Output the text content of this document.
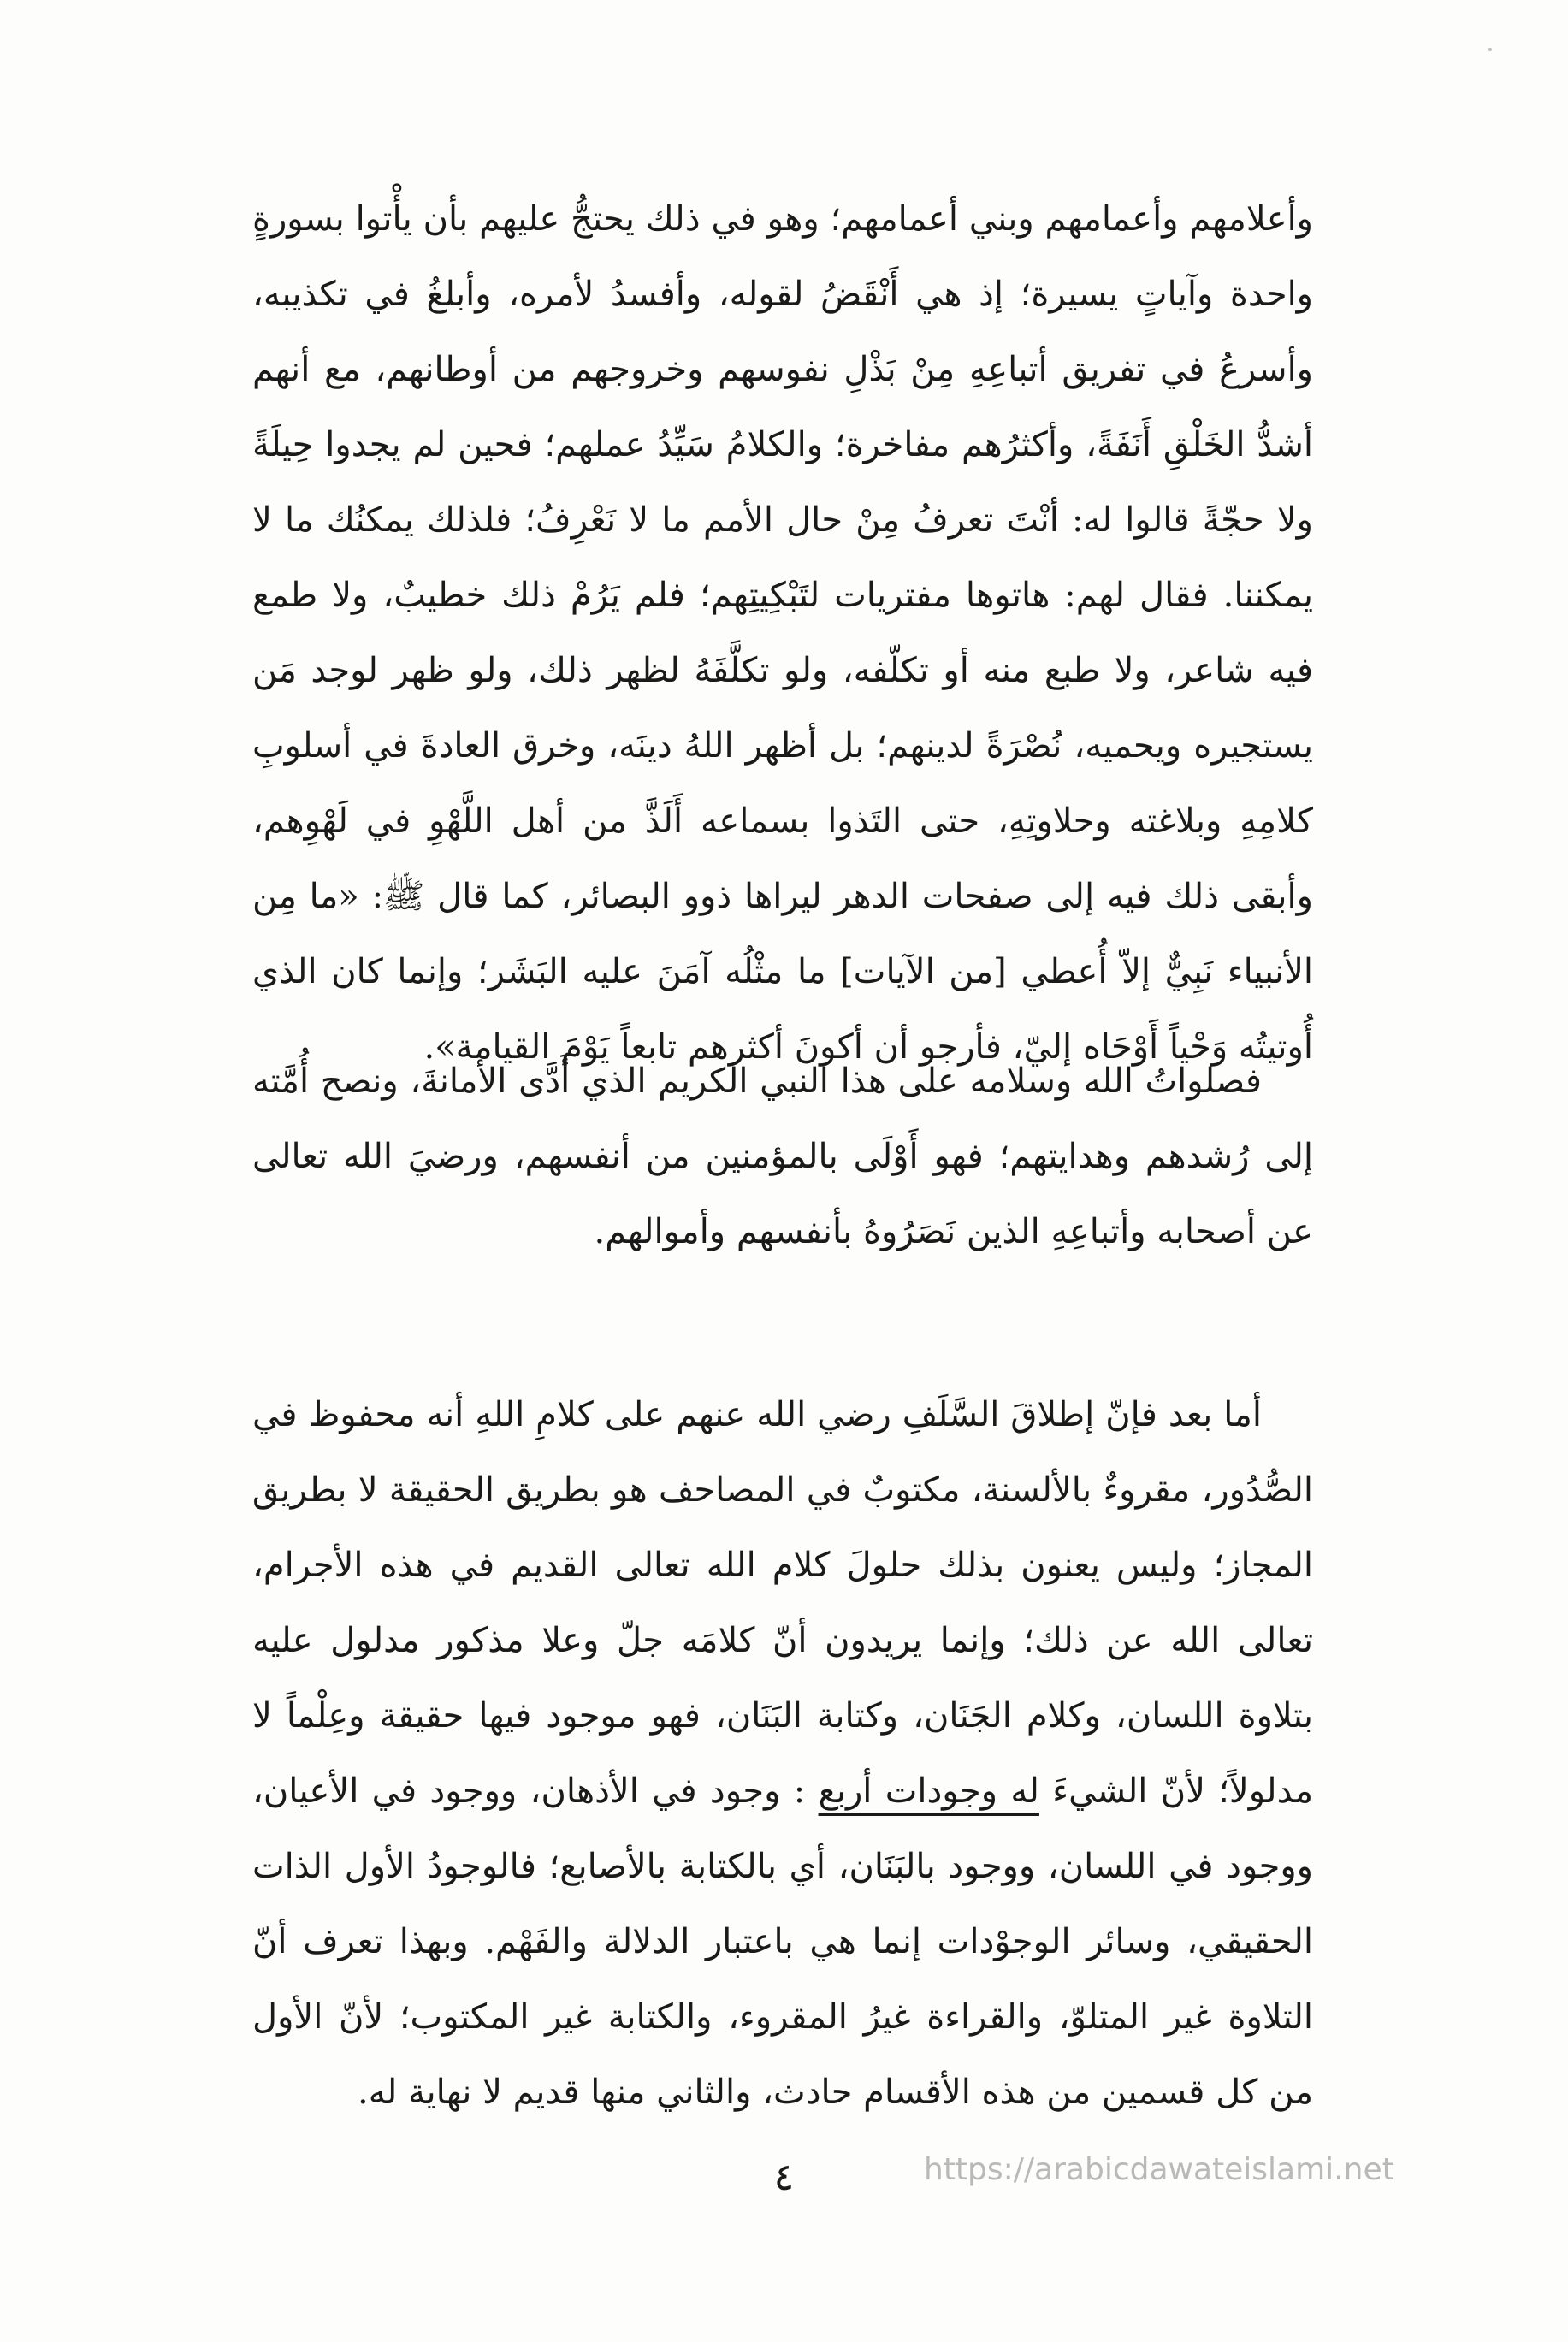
وأعلامهم وأعمامهم وبني أعمامهم؛ وهو في ذلك يحتجُّ عليهم بأن يأْتوا بسورةٍ واحدة وآياتٍ يسيرة؛ إذ هي أَنْقَضُ لقوله، وأفسدُ لأمره، وأبلغُ في تكذيبه، وأسرعُ في تفريق أتباعِهِ مِنْ بَذْلِ نفوسهم وخروجهم من أوطانهم، مع أنهم أشدُّ الخَلْقِ أَنَفَةً، وأكثرُهم مفاخرة؛ والكلامُ سَيِّدُ عملهم؛ فحين لم يجدوا حِيلَةً ولا حجّةً قالوا له: أنْتَ تعرفُ مِنْ حال الأمم ما لا نَعْرِفُ؛ فلذلك يمكنُك ما لا يمكننا. فقال لهم: هاتوها مفتريات لتَبْكِيتِهم؛ فلم يَرُمْ ذلك خطيبٌ، ولا طمع فيه شاعر، ولا طبع منه أو تكلّفه، ولو تكلَّفَهُ لظهر ذلك، ولو ظهر لوجد مَن يستجيره ويحميه، نُصْرَةً لدينهم؛ بل أظهر اللهُ دينَه، وخرق العادةَ في أسلوبِ كلامِهِ وبلاغته وحلاوتِهِ، حتى التَذوا بسماعه أَلَذَّ من أهل اللَّهْوِ في لَهْوِهم، وأبقى ذلك فيه إلى صفحات الدهر ليراها ذوو البصائر، كما قال ﷺ: «ما مِن الأنبياء نَبِيٌّ إلاّ أُعطي [من الآيات] ما مثْلُه آمَنَ عليه البَشَر؛ وإنما كان الذي أُوتيتُه وَحْياً أَوْحَاه إليّ، فأرجو أن أكونَ أكثرهم تابعاً يَوْمَ القيامة».

فصلواتُ الله وسلامه على هذا النبي الكريم الذي أَدَّى الأمانةَ، ونصح أُمَّته إلى رُشدهم وهدايتهم؛ فهو أَوْلَى بالمؤمنين من أنفسهم، ورضيَ الله تعالى عن أصحابه وأتباعِهِ الذين نَصَرُوهُ بأنفسهم وأموالهم.

أما بعد فإنّ إطلاقَ السَّلَفِ رضي الله عنهم على كلامِ اللهِ أنه محفوظ في الصُّدُور، مقروءٌ بالألسنة، مكتوبٌ في المصاحف هو بطريق الحقيقة لا بطريق المجاز؛ وليس يعنون بذلك حلولَ كلام الله تعالى القديم في هذه الأجرام، تعالى الله عن ذلك؛ وإنما يريدون أنّ كلامَه جلّ وعلا مذكور مدلول عليه بتلاوة اللسان، وكلام الجَنَان، وكتابة البَنَان، فهو موجود فيها حقيقة وعِلْماً لا مدلولاً؛ لأنّ الشيءَ له وجودات أربع : وجود في الأذهان، ووجود في الأعيان، ووجود في اللسان، ووجود بالبَنَان، أي بالكتابة بالأصابع؛ فالوجودُ الأول الذات الحقيقي، وسائر الوجوْدات إنما هي باعتبار الدلالة والفَهْم. وبهذا تعرف أنّ التلاوة غير المتلوّ، والقراءة غيرُ المقروء، والكتابة غير المكتوب؛ لأنّ الأول من كل قسمين من هذه الأقسام حادث، والثاني منها قديم لا نهاية له.

٤	https://arabicdawateislami.net
